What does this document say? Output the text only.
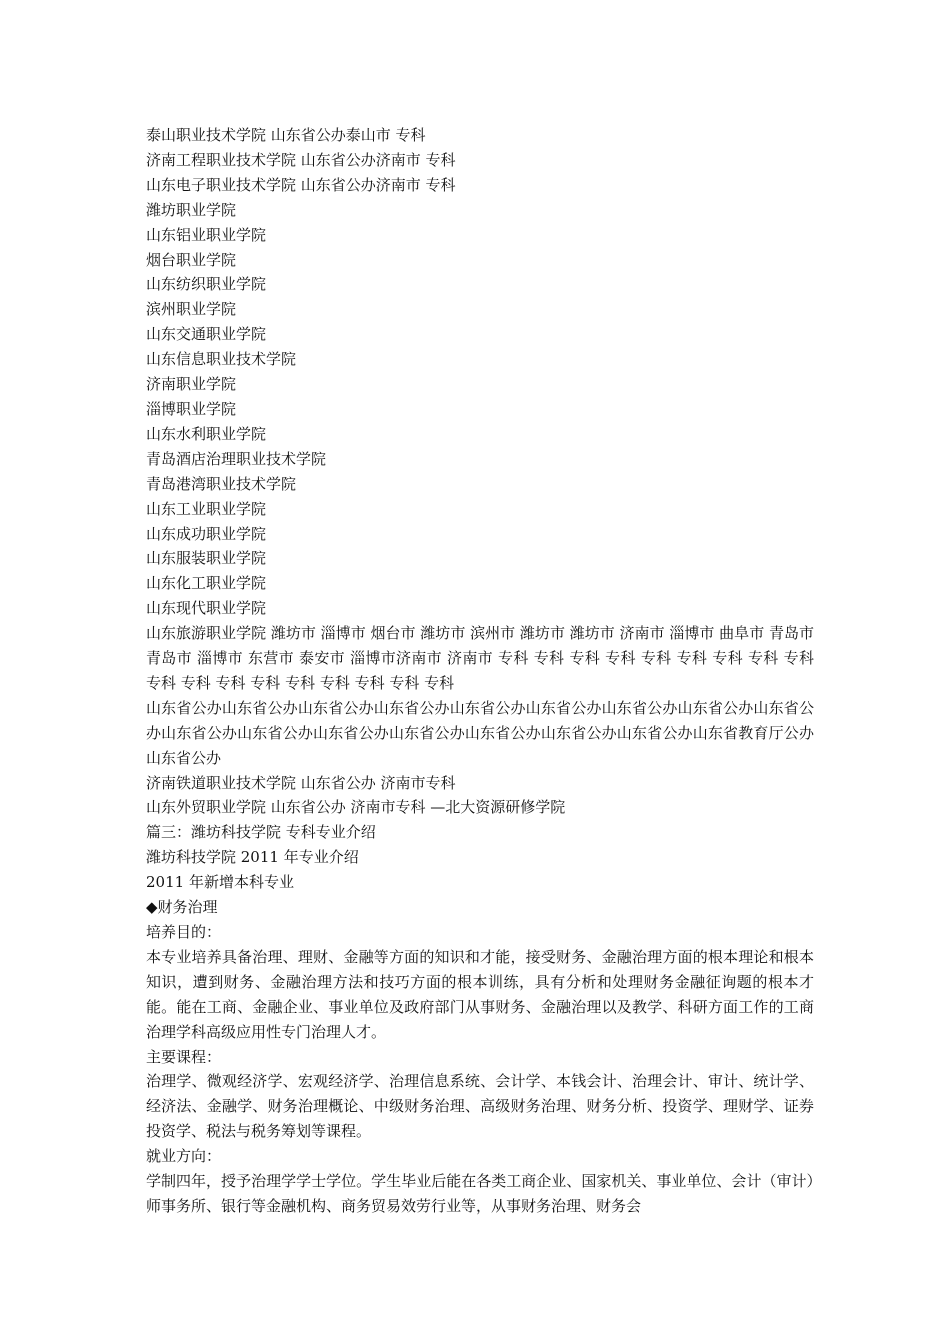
泰山职业技术学院 山东省公办泰山市 专科
济南工程职业技术学院 山东省公办济南市 专科
山东电子职业技术学院 山东省公办济南市 专科
潍坊职业学院
山东铝业职业学院
烟台职业学院
山东纺织职业学院
滨州职业学院
山东交通职业学院
山东信息职业技术学院
济南职业学院
淄博职业学院
山东水利职业学院
青岛酒店治理职业技术学院
青岛港湾职业技术学院
山东工业职业学院
山东成功职业学院
山东服装职业学院
山东化工职业学院
山东现代职业学院
山东旅游职业学院 潍坊市 淄博市 烟台市 潍坊市 滨州市 潍坊市 潍坊市 济南市 淄博市 曲阜市 青岛市 青岛市 淄博市 东营市 泰安市 淄博市济南市 济南市 专科 专科 专科 专科 专科 专科 专科 专科 专科 专科 专科 专科 专科 专科 专科 专科 专科 专科
山东省公办山东省公办山东省公办山东省公办山东省公办山东省公办山东省公办山东省公办山东省公办山东省公办山东省公办山东省公办山东省公办山东省公办山东省公办山东省公办山东省教育厅公办山东省公办
济南铁道职业技术学院 山东省公办 济南市专科
山东外贸职业学院 山东省公办 济南市专科 —北大资源研修学院
篇三：潍坊科技学院 专科专业介绍
潍坊科技学院 2011 年专业介绍
2011 年新增本科专业
◆财务治理
培养目的：
本专业培养具备治理、理财、金融等方面的知识和才能，接受财务、金融治理方面的根本理论和根本知识，遭到财务、金融治理方法和技巧方面的根本训练，具有分析和处理财务金融征询题的根本才能。能在工商、金融企业、事业单位及政府部门从事财务、金融治理以及教学、科研方面工作的工商治理学科高级应用性专门治理人才。
主要课程：
治理学、微观经济学、宏观经济学、治理信息系统、会计学、本钱会计、治理会计、审计、统计学、经济法、金融学、财务治理概论、中级财务治理、高级财务治理、财务分析、投资学、理财学、证券投资学、税法与税务筹划等课程。
就业方向：
学制四年，授予治理学学士学位。学生毕业后能在各类工商企业、国家机关、事业单位、会计（审计）师事务所、银行等金融机构、商务贸易效劳行业等，从事财务治理、财务会
